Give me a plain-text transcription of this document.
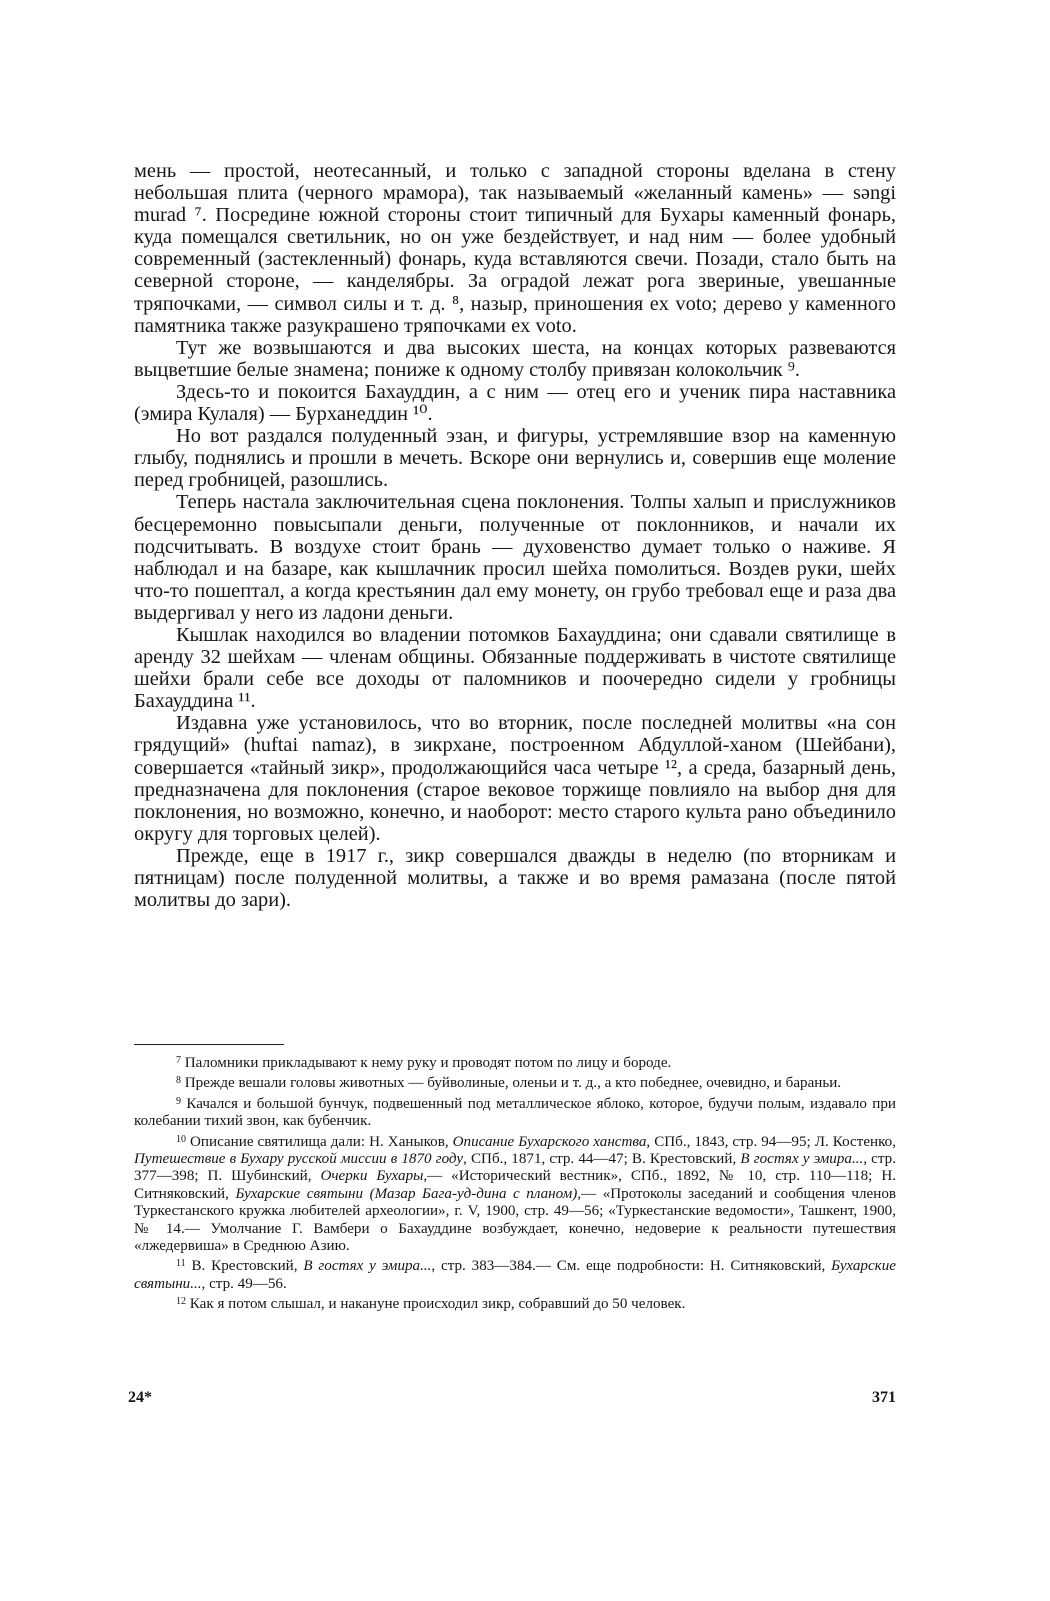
мень — простой, неотесанный, и только с западной стороны вделана в стену небольшая плита (черного мрамора), так называемый «желанный камень» — səngi murad ⁷. Посредине южной стороны стоит типичный для Бухары каменный фонарь, куда помещался светильник, но он уже бездействует, и над ним — более удобный современный (застекленный) фонарь, куда вставляются свечи. Позади, стало быть на северной стороне, — канделябры. За оградой лежат рога звериные, увешанные тряпочками, — символ силы и т. д. ⁸, назыр, приношения ex voto; дерево у каменного памятника также разукрашено тряпочками ex voto.

Тут же возвышаются и два высоких шеста, на концах которых развеваются выцветшие белые знамена; пониже к одному столбу привязан колокольчик ⁹.

Здесь-то и покоится Бахауддин, а с ним — отец его и ученик пира наставника (эмира Кулаля) — Бурханеддин ¹⁰.

Но вот раздался полуденный эзан, и фигуры, устремлявшие взор на каменную глыбу, поднялись и прошли в мечеть. Вскоре они вернулись и, совершив еще моление перед гробницей, разошлись.

Теперь настала заключительная сцена поклонения. Толпы халып и прислужников бесцеремонно повысыпали деньги, полученные от поклонников, и начали их подсчитывать. В воздухе стоит брань — духовенство думает только о наживе. Я наблюдал и на базаре, как кышлачник просил шейха помолиться. Воздев руки, шейх что-то пошептал, а когда крестьянин дал ему монету, он грубо требовал еще и раза два выдергивал у него из ладони деньги.

Кышлак находился во владении потомков Бахауддина; они сдавали святилище в аренду 32 шейхам — членам общины. Обязанные поддерживать в чистоте святилище шейхи брали себе все доходы от паломников и поочередно сидели у гробницы Бахауддина ¹¹.

Издавна уже установилось, что во вторник, после последней молитвы «на сон грядущий» (huftai namaz), в зикрхане, построенном Абдуллой-ханом (Шейбани), совершается «тайный зикр», продолжающийся часа четыре ¹², а среда, базарный день, предназначена для поклонения (старое вековое торжище повлияло на выбор дня для поклонения, но возможно, конечно, и наоборот: место старого культа рано объединило округу для торговых целей).

Прежде, еще в 1917 г., зикр совершался дважды в неделю (по вторникам и пятницам) после полуденной молитвы, а также и во время рамазана (после пятой молитвы до зари).

$^7$ Паломники прикладывают к нему руку и проводят потом по лицу и бороде.

$^8$ Прежде вешали головы животных — буйволиные, оленьи и т. д., а кто победнее, очевидно, и бараньи.

$^9$ Качался и большой бунчук, подвешенный под металлическое яблоко, которое, будучи полым, издавало при колебании тихий звон, как бубенчик.

$^{10}$ Описание святилища дали: Н. Ханыков, Описание Бухарского ханства, СПб., 1843, стр. 94—95; Л. Костенко, Путешествие в Бухару русской миссии в 1870 году, СПб., 1871, стр. 44—47; В. Крестовский, В гостях у эмира..., стр. 377—398; П. Шубинский, Очерки Бухары,— «Исторический вестник», СПб., 1892, № 10, стр. 110—118; Н. Ситняковский, Бухарские святыни (Мазар Бага-уд-дина с планом),— «Протоколы заседаний и сообщения членов Туркестанского кружка любителей археологии», г. V, 1900, стр. 49—56; «Туркестанские ведомости», Ташкент, 1900, № 14.— Умолчание Г. Вамбери о Бахауддине возбуждает, конечно, недоверие к реальности путешествия «лжедервиша» в Среднюю Азию.

$^{11}$ В. Крестовский, В гостях у эмира..., стр. 383—384.— См. еще подробности: Н. Ситняковский, Бухарские святыни..., стр. 49—56.

$^{12}$ Как я потом слышал, и накануне происходил зикр, собравший до 50 человек.

24*	371
